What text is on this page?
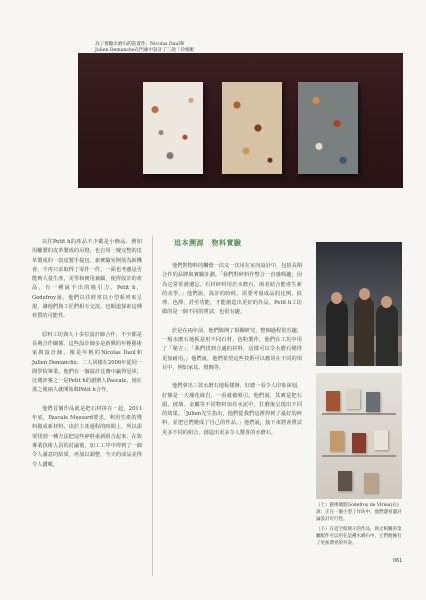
為了實驗水磨石的前置作，Nicolas Daul和Julien Demanche在門廊中設計了三款「玲瑯配

以往Petit h的產品不少都是小飾品，例如用蠟製的皮革製成的吊燈，也有用一塊完整的皮革製成的一款皮製手提包。新實驗室開放為新機會，不再只求取得了零件一件，一面也考慮是否能夠大量生產，美學和實用兼顧，使得設計的產品，有一種說不出的吸引力。Petit h，Godefroy說，他們以往經常以小型系列來呈現，讓他們與工匠們相互交流、也順道探索這種材質的可能性。

原料工坊與九十多位設計師合作，不少都是長期合作關係。這些設計師多是新興的年輕藝術家與設計師，像是年輕的Nicolas Daul和Julien Demanche，二人同樣在2006年從同一間學院畢業。他們在一個設計比賽中贏得冠軍，比賽評審之一是Petit h的創辦人Pascale，她在那之後兩人就開始與Petit h合作。

他們首個作品就是把石材拼在一起，2011年底，Pascale Mussard要求，利用生產的殘料做成新材料，由於主產過程的時間上，所以需要找到一種方法把這些碎料重新組合起來。在與專業技術人員的討論後，加工工序中得到了一個令人滿意的結果，再加以調整，今天的成品美得令人讚嘆。

追本溯源　物料實驗

他們對物料的觸覺一次又一次用在室內設計中，包括長期合作的品牌與實驗計劃。「我們對碎料作整合一直感興趣，因為它常常被遺忘。石材碎料用於水磨石，兩者結合能產生新的美學。」他們說，設計的時候，需要考量成品的比例、紋理、色澤，甚至功能，才能創造出更好的作品。Petit h工坊做的是一個不同的嘗試，也很有趣。

於是在兩年前，他們與開了相關研究，整個過程很有趣。一般水磨石地板是用不同石材、色粉製作，他們在工坊中用了「秘方」，「我們找到合適的材料，這樣可以令水磨石變得更加耐用。」他們說，他們希望這些技術可以應用在不同的項目中，例如家具、燈飾等。

他們拿出三款水磨石地板樣辦，好總一看令人印象深刻，好像是一大塊花崗岩，一看就被吸引。他們說，其實是把石頭、玻璃、金屬等不同物料加在水泥中，打磨後呈現出不同的效果。「Julien先生指出，他們從我們這裡得到了最好的碎料，並把它們變成了自己的作品。」他們說，接下來將會嘗試更多不同的組合，創造出更多令人驚喜的水磨石。

（上）藝術總監Godefroy de Virieu(右)說：正在一個小型工作坊中，他們邊看邊討論設計可行性。

（下）在這空間展示的作品，與之相關的金屬配件可以用在這種水磨石中，它們便擁有了更加漂亮的外表。

061
